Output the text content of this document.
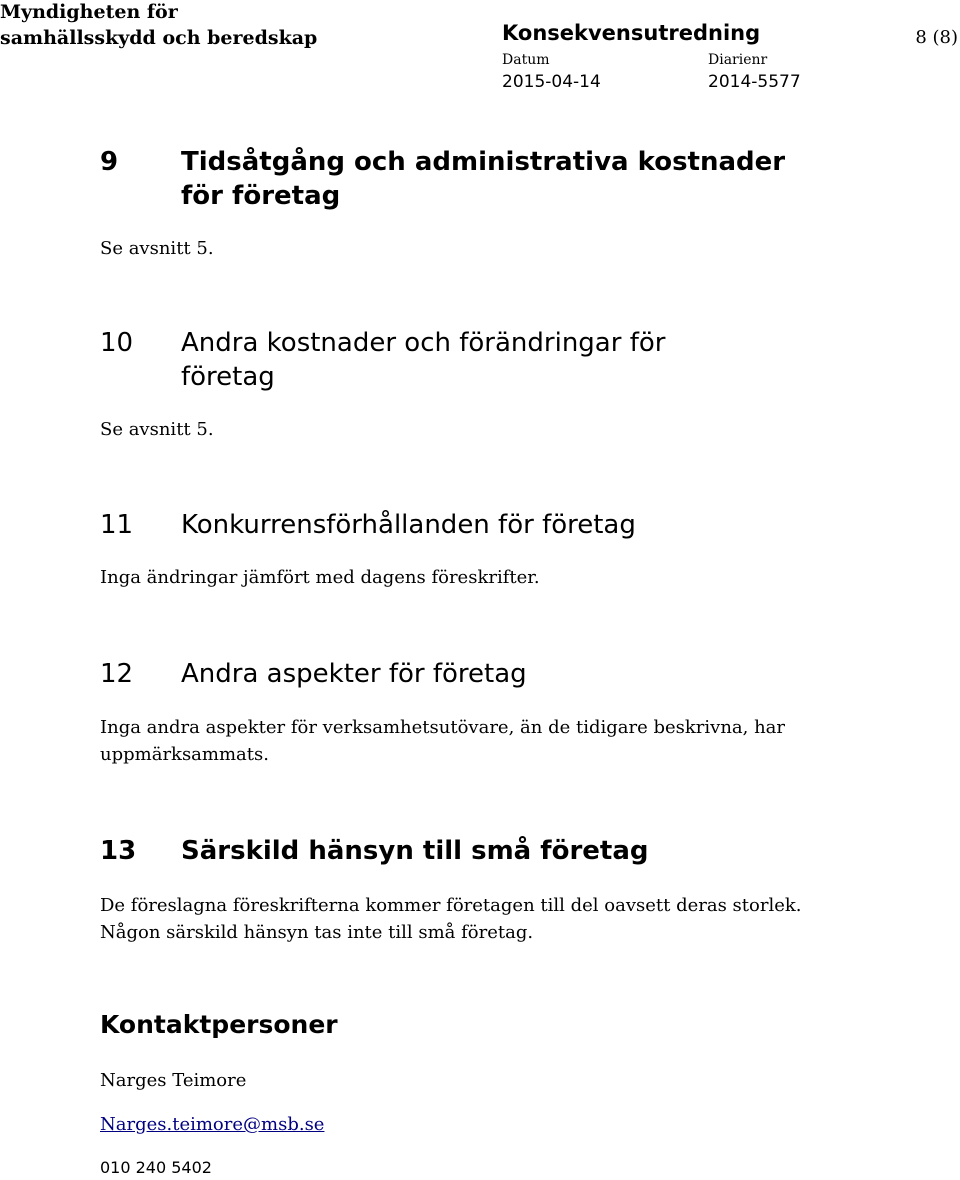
Myndigheten för
samhällsskydd och beredskap	Konsekvensutredning	8 (8)
Datum	Diarienr
2015-04-14	2014-5577
9 Tidsåtgång och administrativa kostnader
för företag
Se avsnitt 5.
10 Andra kostnader och förändringar för
företag
Se avsnitt 5.
11 Konkurrensförhållanden för företag
Inga ändringar jämfört med dagens föreskrifter.
12 Andra aspekter för företag
Inga andra aspekter för verksamhetsutövare, än de tidigare beskrivna, har
uppmärksammats.
13 Särskild hänsyn till små företag
De föreslagna föreskrifterna kommer företagen till del oavsett deras storlek.
Någon särskild hänsyn tas inte till små företag.
Kontaktpersoner
Narges Teimore
Narges.teimore@msb.se
010 240 5402
